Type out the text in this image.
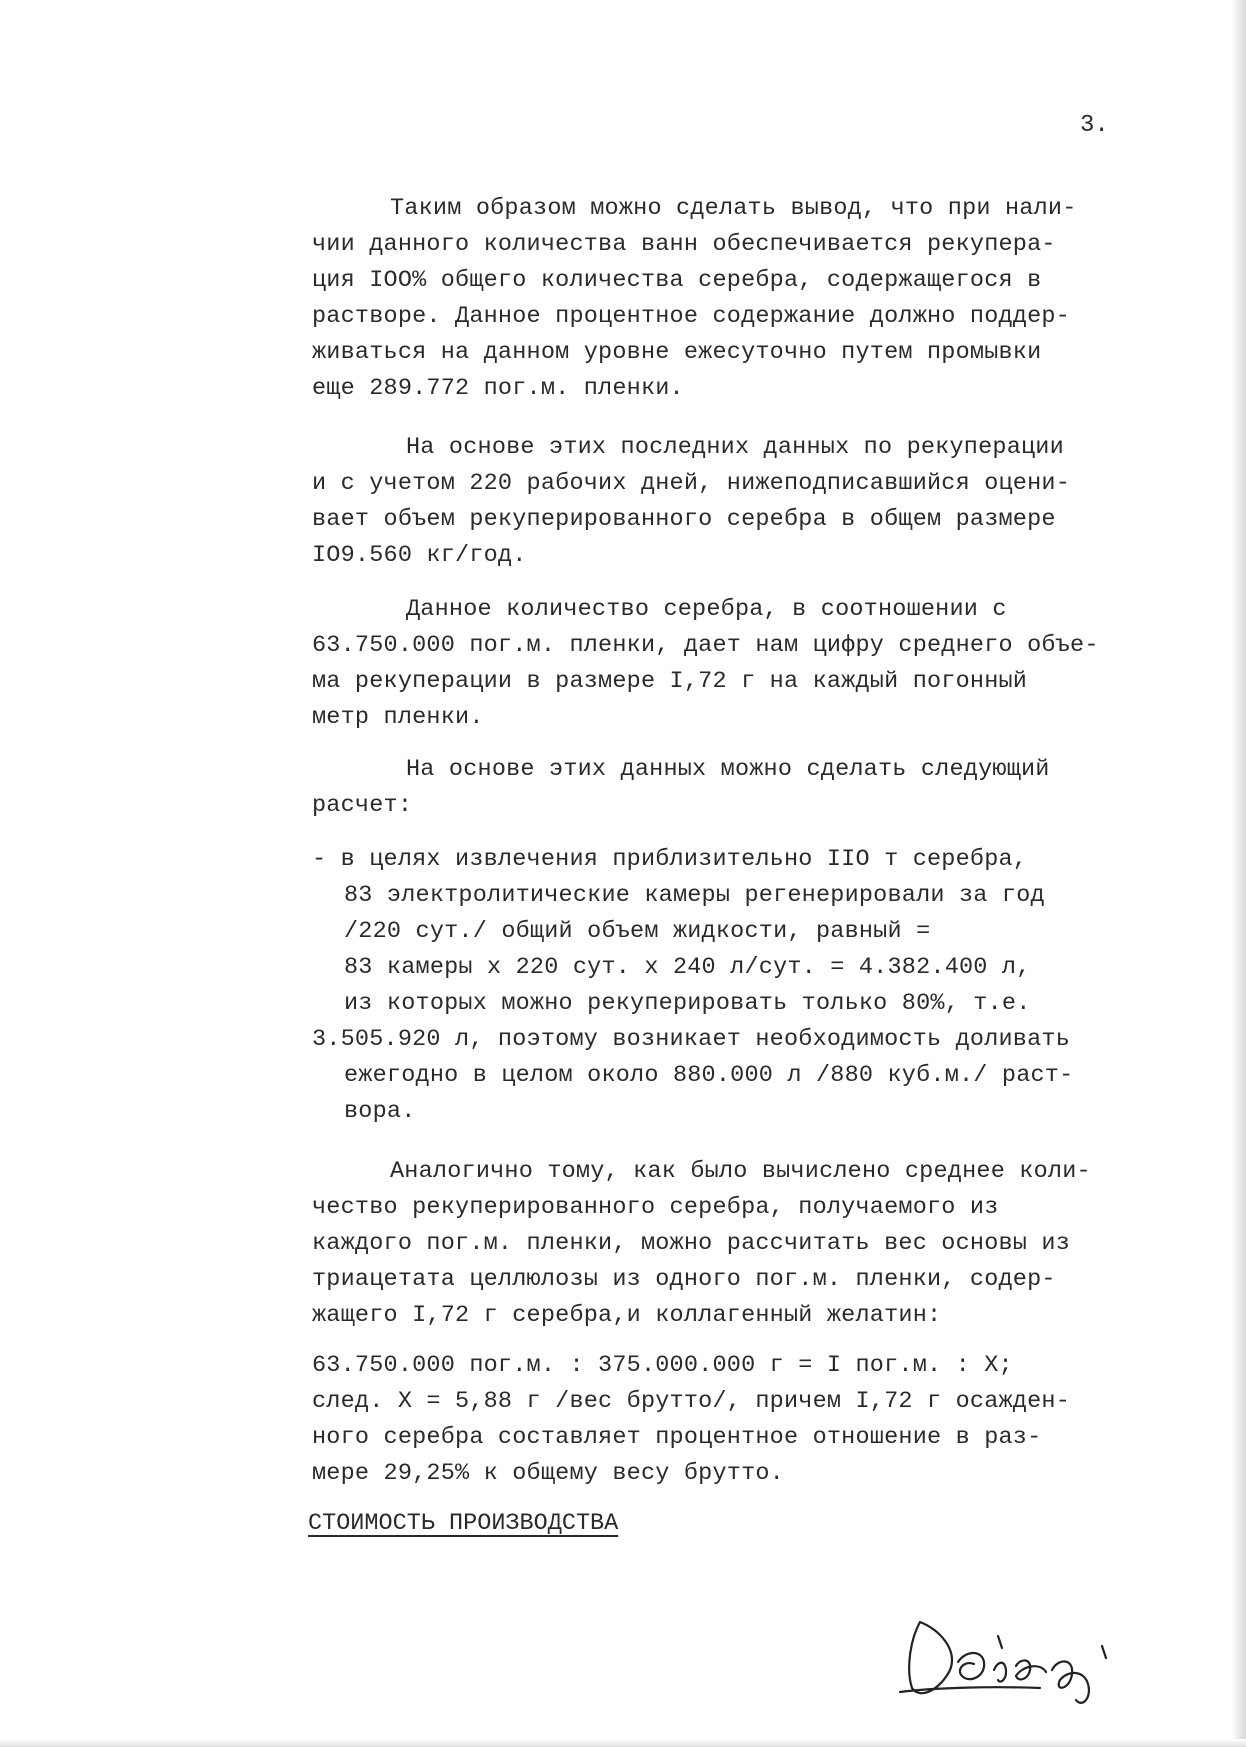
3.
Таким образом можно сделать вывод, что при нали-
чии данного количества ванн обеспечивается рекупера-
ция IOO% общего количества серебра, содержащегося в
растворе. Данное процентное содержание должно поддер-
живаться на данном уровне ежесуточно путем промывки
еще 289.772 пог.м. пленки.
На основе этих последних данных по рекуперации
и с учетом 220 рабочих дней, нижеподписавшийся оцени-
вает объем рекуперированного серебра в общем размере
IO9.560 кг/год.
Данное количество серебра, в соотношении с
63.750.000 пог.м. пленки, дает нам цифру среднего объе-
ма рекуперации в размере I,72 г на каждый погонный
метр пленки.
На основе этих данных можно сделать следующий
расчет:
- в целях извлечения приблизительно IIO т серебра,
83 электролитические камеры регенерировали за год
/220 сут./ общий объем жидкости, равный =
83 камеры х 220 сут. х 240 л/сут. = 4.382.400 л,
из которых можно рекуперировать только 80%, т.е.
3.505.920 л, поэтому возникает необходимость доливать
ежегодно в целом около 880.000 л /880 куб.м./ раст-
вора.
Аналогично тому, как было вычислено среднее коли-
чество рекуперированного серебра, получаемого из
каждого пог.м. пленки, можно рассчитать вес основы из
триацетата целлюлозы из одного пог.м. пленки, содер-
жащего I,72 г серебра,и коллагенный желатин:
63.750.000 пог.м. : 375.000.000 г = I пог.м. : Х;
след. Х = 5,88 г /вес брутто/, причем I,72 г осажден-
ного серебра составляет процентное отношение в раз-
мере 29,25% к общему весу брутто.
СТОИМОСТЬ ПРОИЗВОДСТВА
